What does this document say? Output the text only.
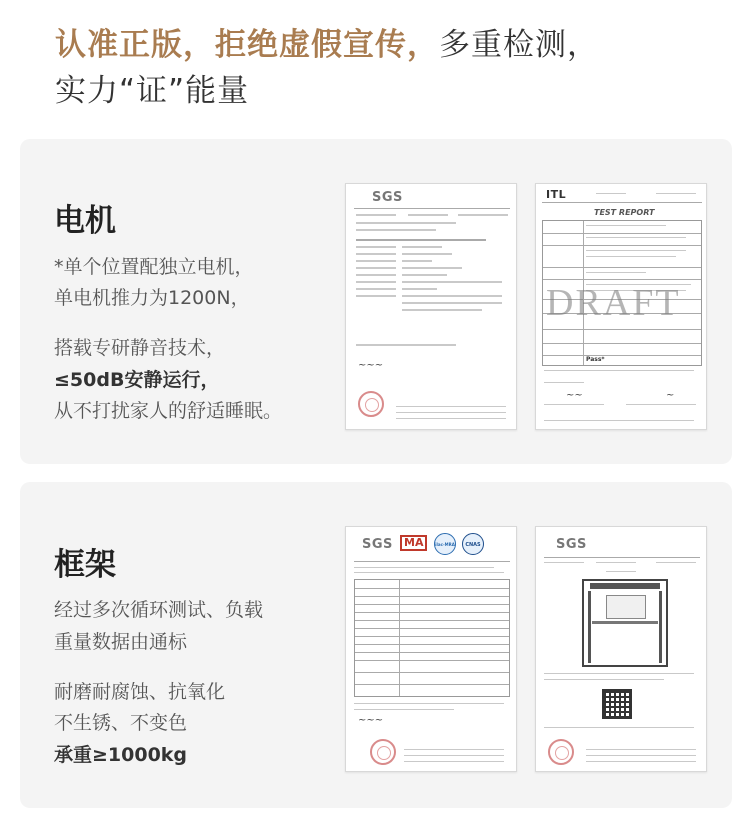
认准正版，拒绝虚假宣传，多重检测，
实力“证”能量
电机
*单个位置配独立电机，
单电机推力为1200N，
搭载专研静音技术，
≤50dB安静运行，
从不打扰家人的舒适睡眠。
SGS
~~~
ITL
TEST REPORT
DRAFT
Pass*
~~	~
框架
经过多次循环测试、负载
重量数据由通标
耐磨耐腐蚀、抗氧化
不生锈、不变色
承重≥1000kg
SGS	MA	ilac-MRA	CNAS
~~~
SGS
